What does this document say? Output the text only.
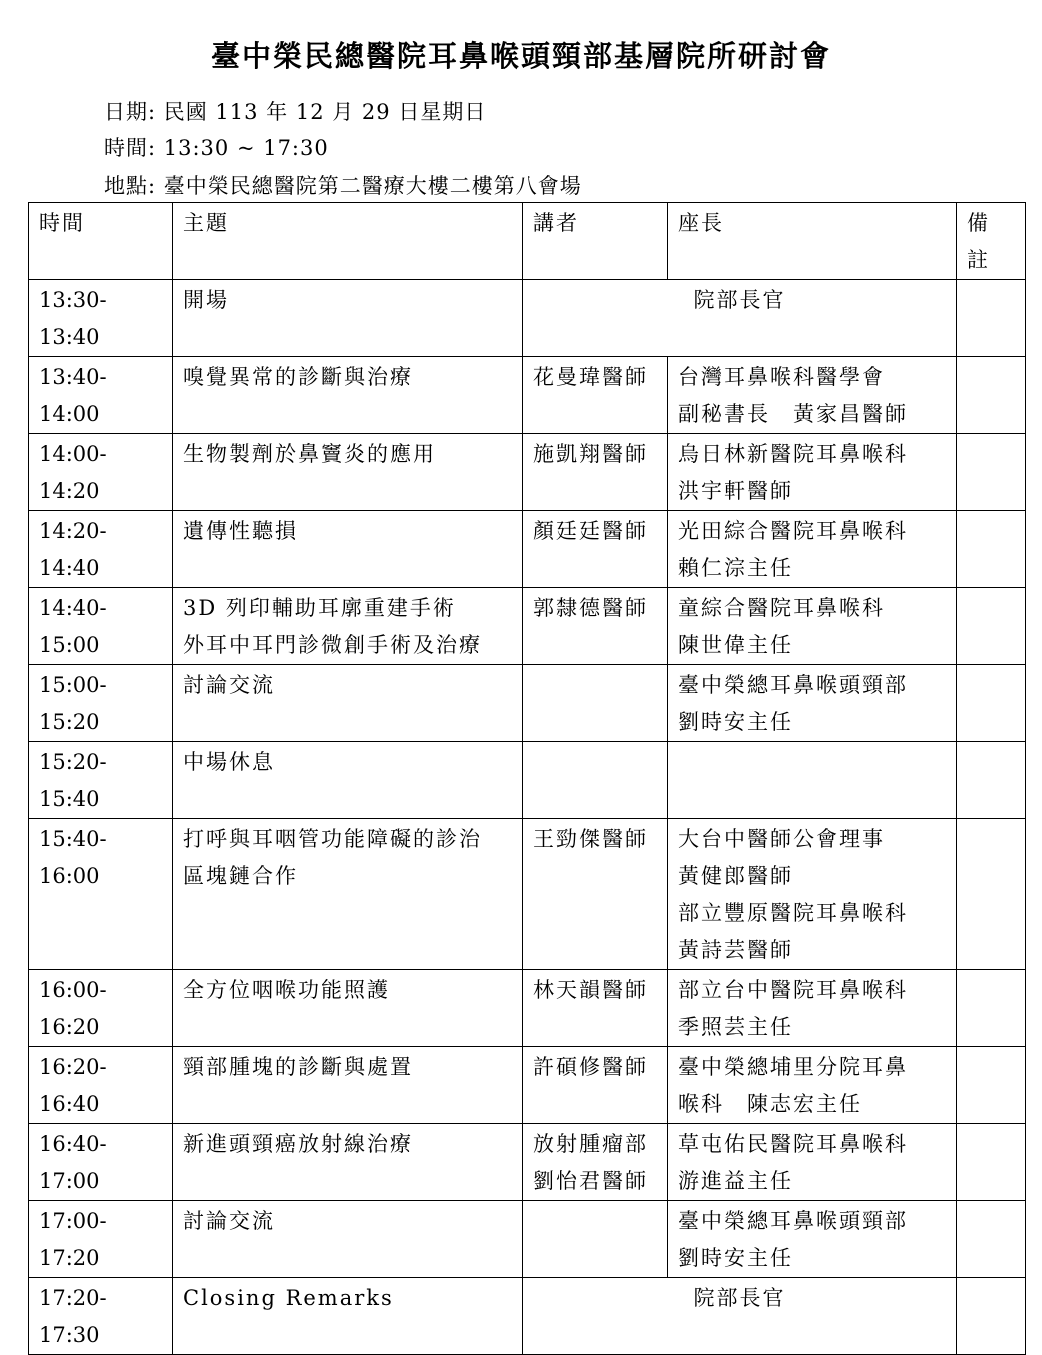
臺中榮民總醫院耳鼻喉頭頸部基層院所研討會
日期: 民國 113 年 12 月 29 日星期日
時間: 13:30 ~ 17:30
地點: 臺中榮民總醫院第二醫療大樓二樓第八會場
時間	主題	講者	座長	備
註

13:30-13:40	開場	院部長官		
13:40-14:00	嗅覺異常的診斷與治療	花曼瑋醫師	台灣耳鼻喉科醫學會
副秘書長　黃家昌醫師	

14:00-14:20	生物製劑於鼻竇炎的應用	施凱翔醫師	烏日林新醫院耳鼻喉科
洪宇軒醫師	

14:20-14:40	遺傳性聽損	顏廷廷醫師	光田綜合醫院耳鼻喉科
賴仁淙主任	

14:40-15:00	3D 列印輔助耳廓重建手術
外耳中耳門診微創手術及治療	郭隸德醫師	童綜合醫院耳鼻喉科
陳世偉主任	

15:00-15:20	討論交流		臺中榮總耳鼻喉頭頸部
劉時安主任	

15:20-15:40	中場休息			

15:40-16:00	打呼與耳咽管功能障礙的診治
區塊鏈合作	王勁傑醫師	大台中醫師公會理事
黃健郎醫師
部立豐原醫院耳鼻喉科
黃詩芸醫師	

16:00-16:20	全方位咽喉功能照護	林天韻醫師	部立台中醫院耳鼻喉科
季照芸主任	

16:20-16:40	頸部腫塊的診斷與處置	許碩修醫師	臺中榮總埔里分院耳鼻
喉科　陳志宏主任	

16:40-17:00	新進頭頸癌放射線治療	放射腫瘤部
劉怡君醫師	草屯佑民醫院耳鼻喉科
游進益主任	

17:00-17:20	討論交流		臺中榮總耳鼻喉頭頸部
劉時安主任	

17:20-17:30	Closing Remarks	院部長官		
